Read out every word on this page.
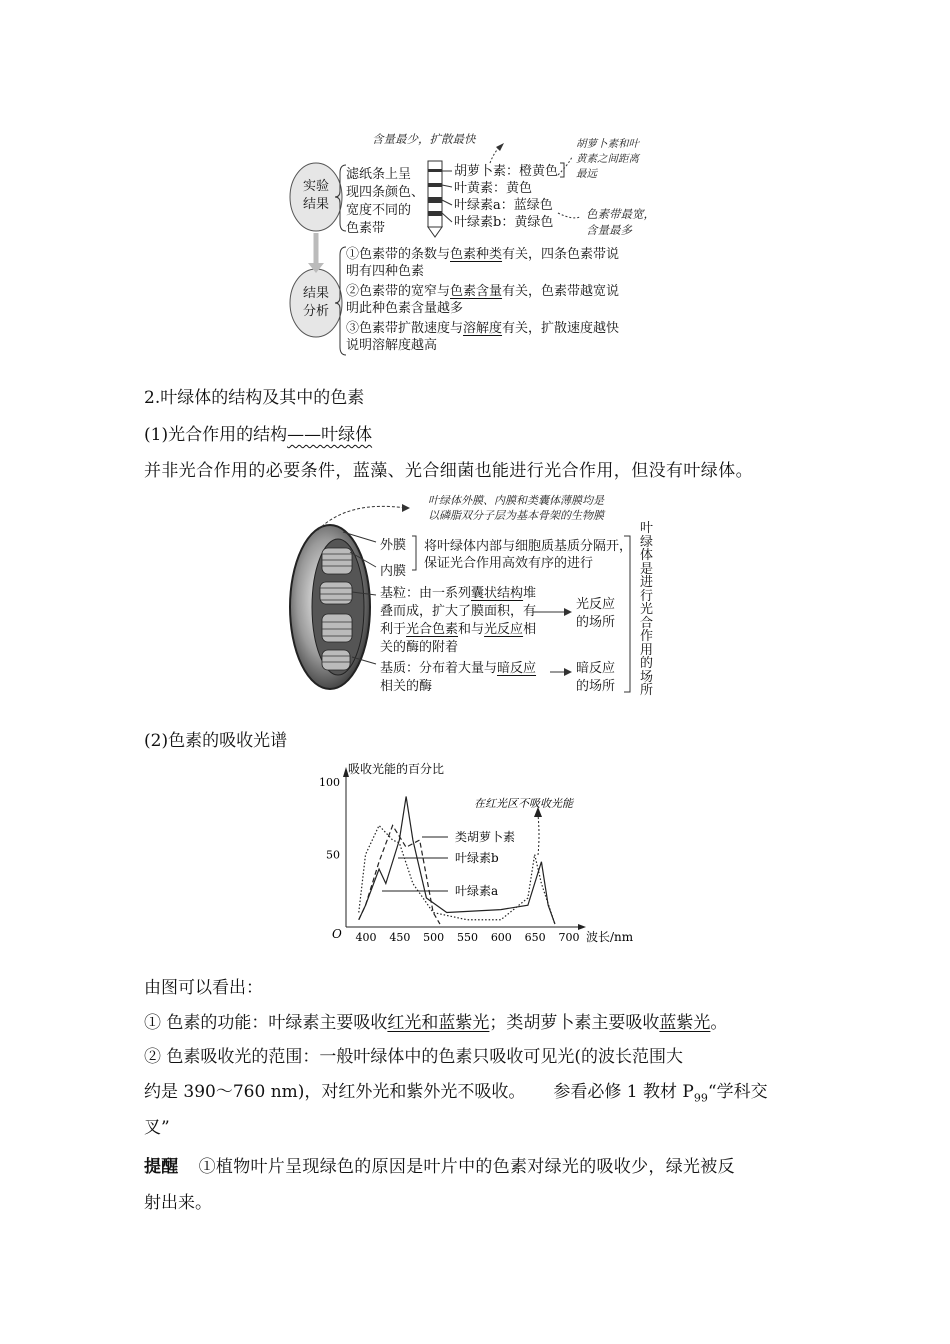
含量最少，扩散最快	胡萝卜素和叶黄素之间距离最远
色素带最宽，含量最多
实验结果
结果分析
滤纸条上呈
现四条颜色、
宽度不同的
色素带
胡萝卜素：橙黄色
叶黄素：黄色
叶绿素a：蓝绿色
叶绿素b：黄绿色
①色素带的条数与色素种类有关，四条色素带说
明有四种色素
②色素带的宽窄与色素含量有关，色素带越宽说
明此种色素含量越多
③色素带扩散速度与溶解度有关，扩散速度越快
说明溶解度越高
2.叶绿体的结构及其中的色素
(1)光合作用的结构——叶绿体
并非光合作用的必要条件，蓝藻、光合细菌也能进行光合作用，但没有叶绿体。
叶绿体外膜、内膜和类囊体薄膜均是
以磷脂双分子层为基本骨架的生物膜
外膜
内膜
将叶绿体内部与细胞质基质分隔开，
保证光合作用高效有序的进行
基粒：由一系列囊状结构堆
叠而成，扩大了膜面积，有
利于光合色素和与光反应相
关的酶的附着
光反应
的场所
基质：分布着大量与暗反应
相关的酶
暗反应
的场所
叶绿体是进行光合作用的场所
(2)色素的吸收光谱
400 450 500 550 600 650 700
50
100
吸收光能的百分比
波长/nm
O
类胡萝卜素
叶绿素b
叶绿素a
在红光区不吸收光能
由图可以看出：
① 色素的功能：叶绿素主要吸收红光和蓝紫光；类胡萝卜素主要吸收蓝紫光。
② 色素吸收光的范围：一般叶绿体中的色素只吸收可见光(的波长范围大
约是 390～760 nm)，对红外光和紫外光不吸收。 参看必修 1 教材 $P_{99}“$学科交
叉”
提醒 ①植物叶片呈现绿色的原因是叶片中的色素对绿光的吸收少，绿光被反
射出来。
